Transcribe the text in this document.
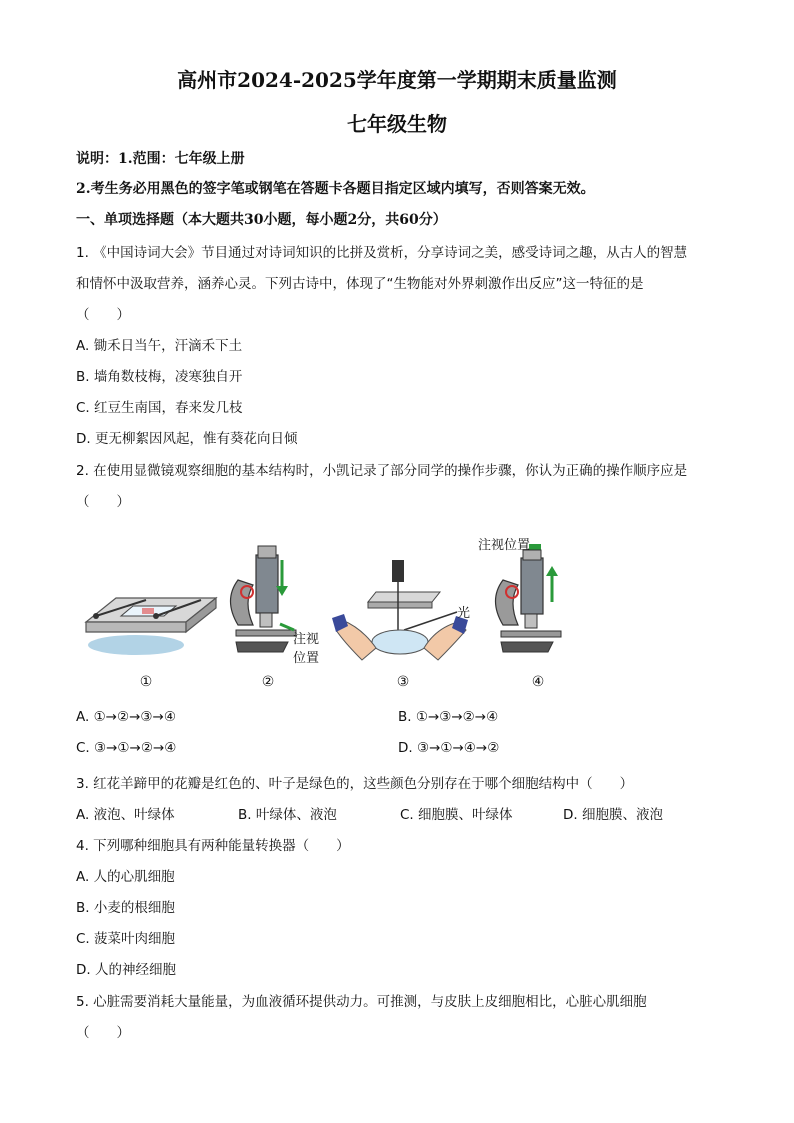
高州市2024-2025学年度第一学期期末质量监测
七年级生物
说明：1.范围：七年级上册
2.考生务必用黑色的签字笔或钢笔在答题卡各题目指定区域内填写，否则答案无效。
一、单项选择题（本大题共30小题，每小题2分，共60分）
1. 《中国诗词大会》节目通过对诗词知识的比拼及赏析，分享诗词之美，感受诗词之趣，从古人的智慧
和情怀中汲取营养，涵养心灵。下列古诗中，体现了“生物能对外界刺激作出反应”这一特征的是
（　　）
A. 锄禾日当午，汗滴禾下土
B. 墙角数枝梅，凌寒独自开
C. 红豆生南国，春来发几枝
D. 更无柳絮因风起，惟有葵花向日倾
2. 在使用显微镜观察细胞的基本结构时，小凯记录了部分同学的操作步骤，你认为正确的操作顺序应是
（　　）
注视
位置
光
注视位置
①	②	③	④
A. ①→②→③→④	B. ①→③→②→④
C. ③→①→②→④	D. ③→①→④→②
3. 红花羊蹄甲的花瓣是红色的、叶子是绿色的，这些颜色分别存在于哪个细胞结构中（　　）
A. 液泡、叶绿体	B. 叶绿体、液泡	C. 细胞膜、叶绿体	D. 细胞膜、液泡
4. 下列哪种细胞具有两种能量转换器（　　）
A. 人的心肌细胞
B. 小麦的根细胞
C. 菠菜叶肉细胞
D. 人的神经细胞
5. 心脏需要消耗大量能量，为血液循环提供动力。可推测，与皮肤上皮细胞相比，心脏心肌细胞
（　　）
